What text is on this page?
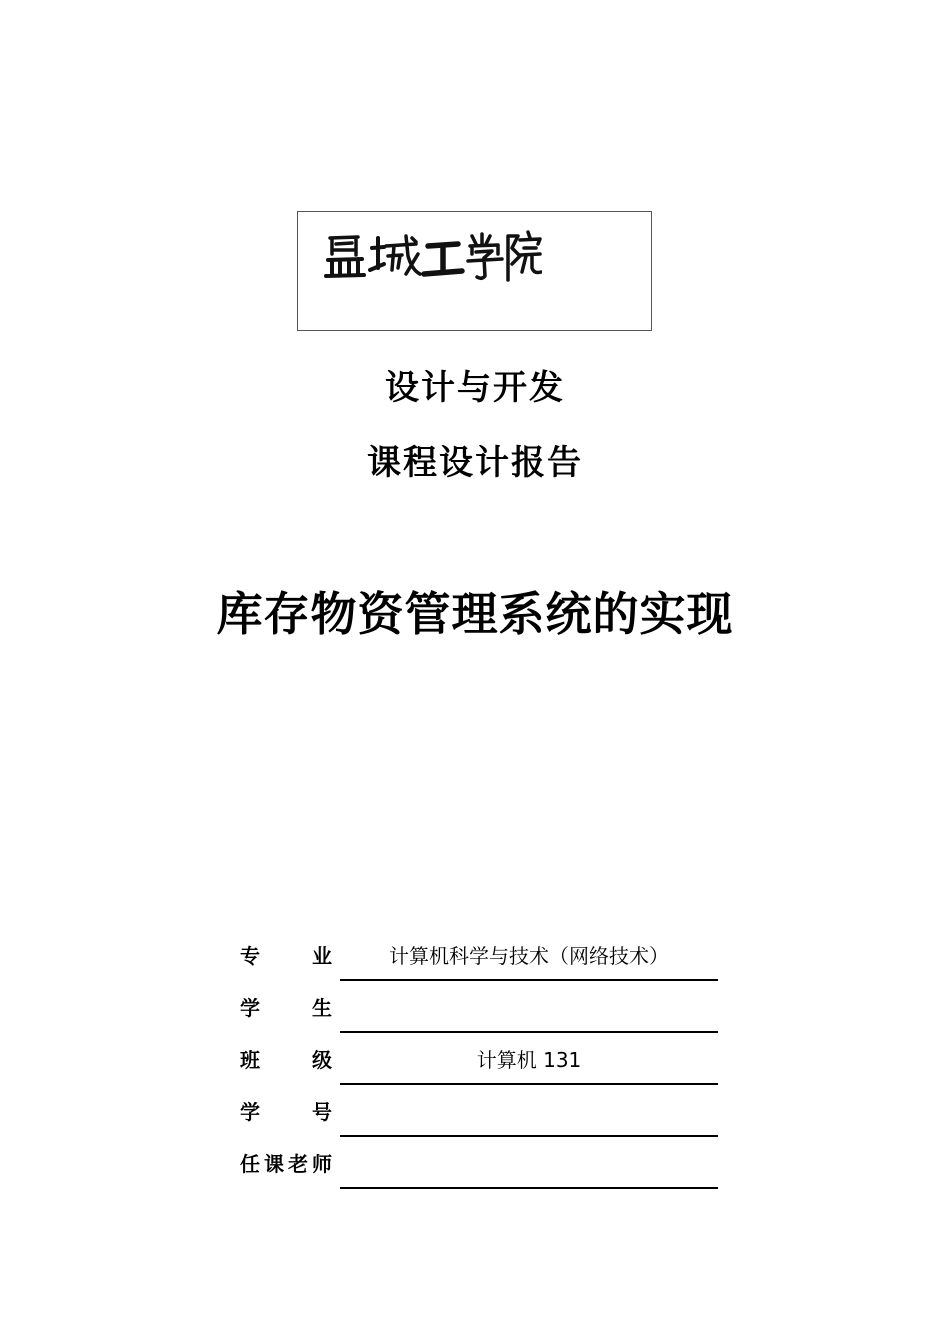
设计与开发
课程设计报告
库存物资管理系统的实现
专　业	计算机科学与技术（网络技术）
学　生
班　级	计算机 131
学　号
任课老师
